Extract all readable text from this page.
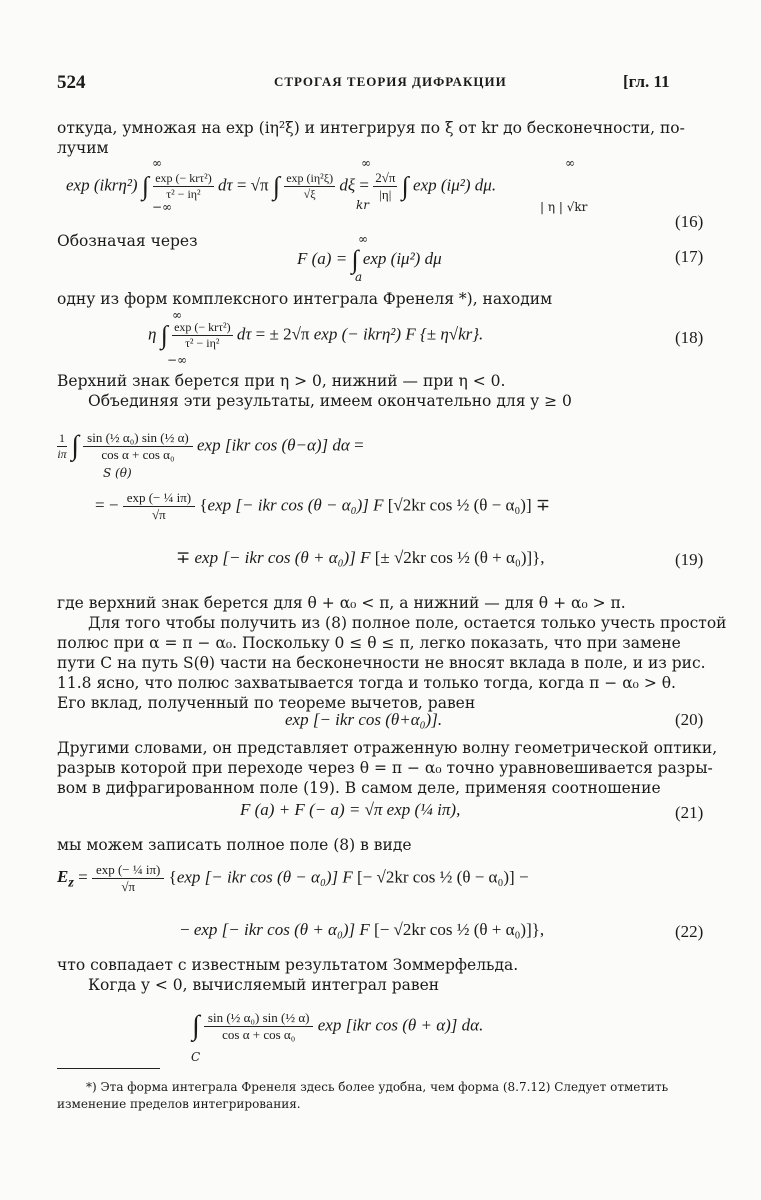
524	СТРОГАЯ ТЕОРИЯ ДИФРАКЦИИ	[гл. 11
откуда, умножая на exp (iη²ξ) и интегрируя по ξ от kr до бесконечности, по-
лучим
exp (ikrη²) ∫ exp (− krτ²)
τ² − iη²	dτ = √π ∫ $\frac{\text{exp (iη²ξ)}}{√\xi}$ $d\xi = \frac{2√\pi}{|\eta|}$ ∫ exp (iμ²) dμ.
∞
−∞
∞
kr
∞
| η | √kr
(16)
Обозначая через
F (a) = ∫ exp (iμ²) dμ
∞
a
(17)
одну из форм комплексного интеграла Френеля *), находим
η ∫ exp (− krτ²)
τ² − iη²	dτ = ± 2√π exp (− ikrη²) F {± η√kr}.
∞
−∞
(18)
Верхний знак берется при η > 0, нижний — при η < 0.
Объединяя эти результаты, имеем окончательно для y ≥ 0
$\frac{1}{i\pi}$ ∫ $\frac{\text{sin (½ α₀) sin (½ α)}}{\text{cos α + cos α₀}}$ exp [ikr cos (θ−α)] dα =
S (θ)
= − $\frac{\text{exp (− ¼ iπ)}}{√\pi} \{\exp$ [− ikr cos (θ − α₀)] F [√2kr cos ½ (θ − α₀)] ∓
∓ exp [− ikr cos (θ + α₀)] F [± √2kr cos ½ (θ + α₀)]},	(19)
где верхний знак берется для θ + α₀ < π, а нижний — для θ + α₀ > π.
Для того чтобы получить из (8) полное поле, остается только учесть простой
полюс при α = π − α₀. Поскольку 0 ≤ θ ≤ π, легко показать, что при замене
пути C на путь S(θ) части на бесконечности не вносят вклада в поле, и из рис.
11.8 ясно, что полюс захватывается тогда и только тогда, когда π − α₀ > θ.
Его вклад, полученный по теореме вычетов, равен
exp [− ikr cos (θ+α₀)].	(20)
Другими словами, он представляет отраженную волну геометрической оптики,
разрыв которой при переходе через θ = π − α₀ точно уравновешивается разры-
вом в дифрагированном поле (19). В самом деле, применяя соотношение
F (a) + F (− a) = √π exp (¼ iπ),	(21)
мы можем записать полное поле (8) в виде
$E_z = \frac{\text{exp (− ¼ iπ)}}{√\pi} \{\exp$ [− ikr cos (θ − α₀)] F [− √2kr cos ½ (θ − α₀)] −
− exp [− ikr cos (θ + α₀)] F [− √2kr cos ½ (θ + α₀)]},	(22)
что совпадает с известным результатом Зоммерфельда.
Когда y < 0, вычисляемый интеграл равен
∫ $\frac{\text{sin (½ α₀) sin (½ α)}}{\text{cos α + cos α₀}}$ exp [ikr cos (θ + α)] dα.
C
*) Эта форма интеграла Френеля здесь более удобна, чем форма (8.7.12) Следует отметить
изменение пределов интегрирования.
